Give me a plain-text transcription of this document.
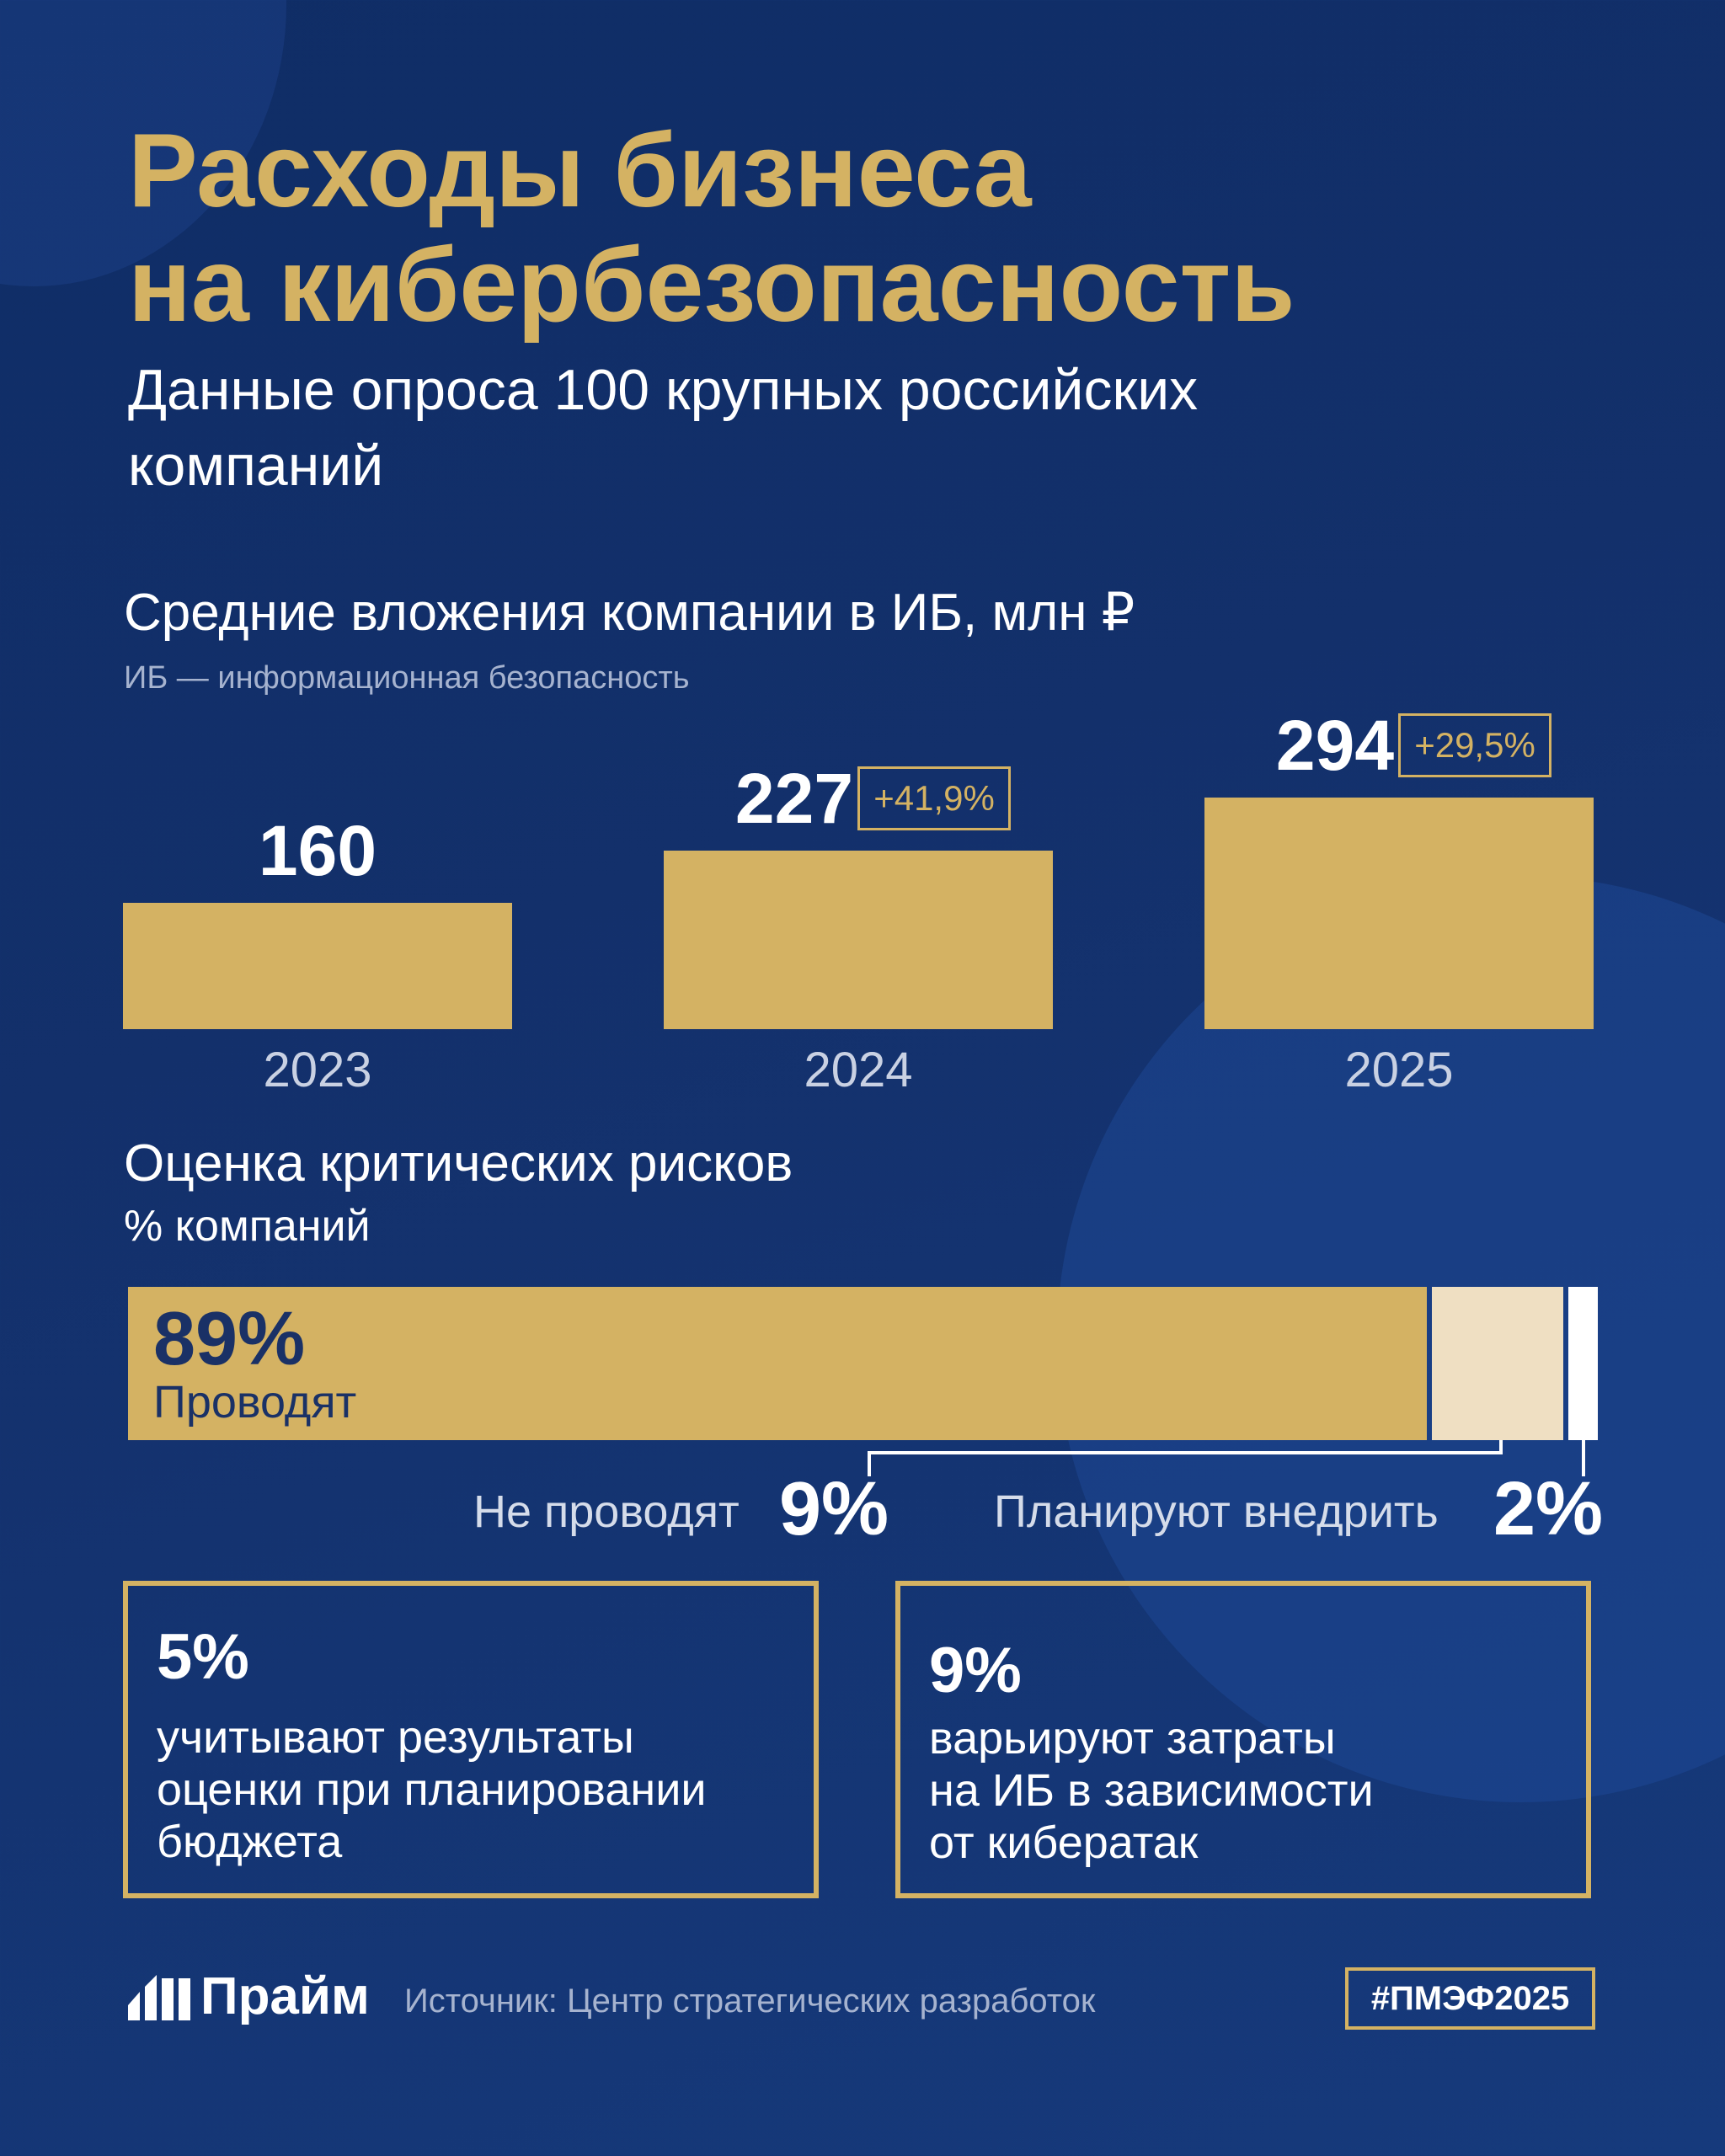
Расходы бизнеса
на кибербезопасность
Данные опроса 100 крупных российских
компаний
Средние вложения компании в ИБ, млн ₽
ИБ — информационная безопасность
160
2023
227 +41,9%
2024
294 +29,5%
2025
Оценка критических рисков
% компаний
89%
Проводят
Не проводят 9% Планируют внедрить 2%
5%
учитывают результаты
оценки при планировании
бюджета
9%
варьируют затраты
на ИБ в зависимости
от кибератак
Прайм Источник: Центр стратегических разработок	#ПМЭФ2025
